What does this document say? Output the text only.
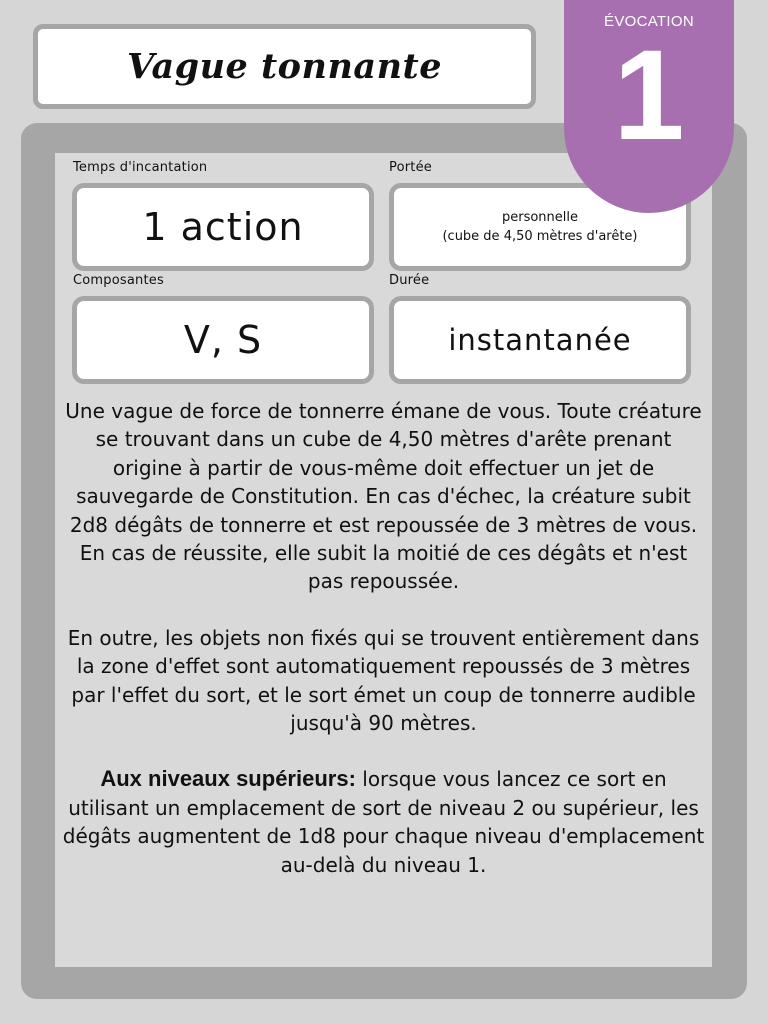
Vague tonnante
Temps d'incantation
1 action
Portée
personnelle
(cube de 4,50 mètres d'arête)
Composantes
V, S
Durée
instantanée
ÉVOCATION
1

Une vague de force de tonnerre émane de vous. Toute créature se trouvant dans un cube de 4,50 mètres d'arête prenant origine à partir de vous-même doit effectuer un jet de sauvegarde de Constitution. En cas d'échec, la créature subit 2d8 dégâts de tonnerre et est repoussée de 3 mètres de vous. En cas de réussite, elle subit la moitié de ces dégâts et n'est pas repoussée.

En outre, les objets non fixés qui se trouvent entièrement dans la zone d'effet sont automatiquement repoussés de 3 mètres par l'effet du sort, et le sort émet un coup de tonnerre audible jusqu'à 90 mètres.

Aux niveaux supérieurs: lorsque vous lancez ce sort en utilisant un emplacement de sort de niveau 2 ou supérieur, les dégâts augmentent de 1d8 pour chaque niveau d'emplacement au-delà du niveau 1.
